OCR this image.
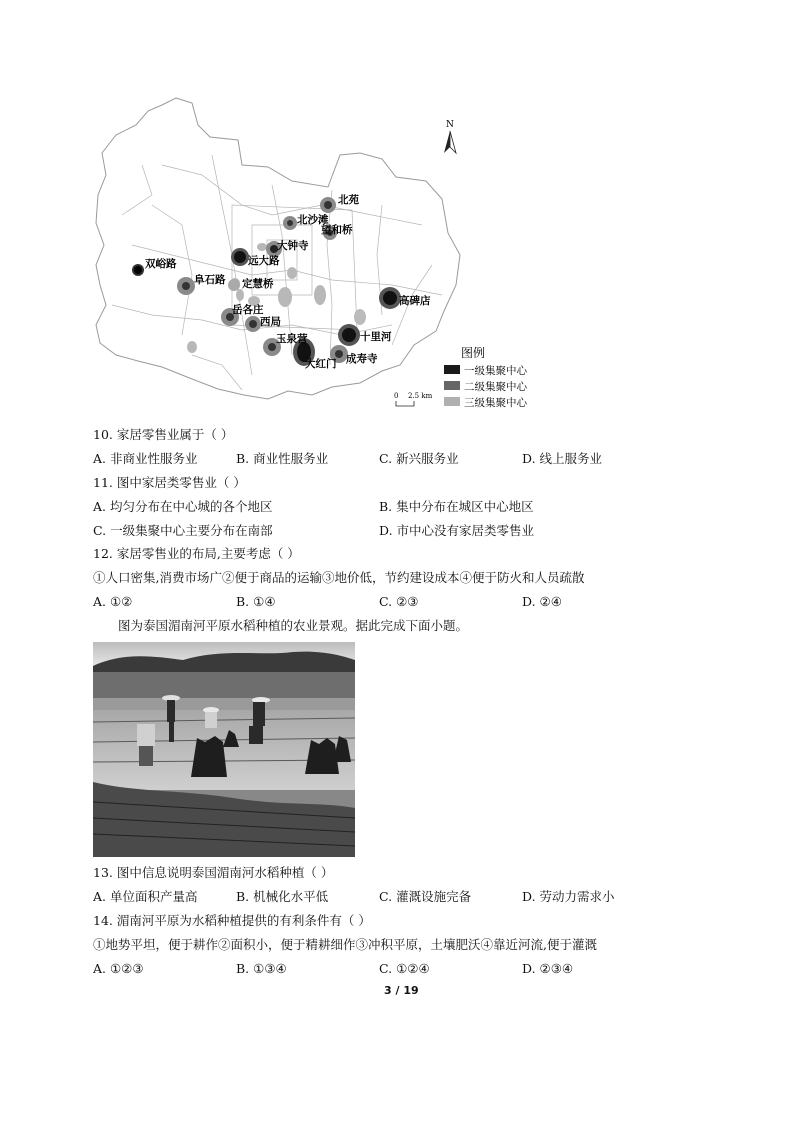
北苑
北沙滩
望和桥
大钟寺
远大路
双峪路
阜石路 定慧桥
高碑店
岳各庄
西局
十里河
玉泉营
成寿寺
大红门
N
图例
一级集聚中心
二级集聚中心
三级集聚中心
0 2.5 km
10. 家居零售业属于（ ）
A. 非商业性服务业	B. 商业性服务业	C. 新兴服务业	D. 线上服务业
11. 图中家居类零售业（ ）
A. 均匀分布在中心城的各个地区	B. 集中分布在城区中心地区
C. 一级集聚中心主要分布在南部	D. 市中心没有家居类零售业
12. 家居零售业的布局,主要考虑（ ）
①人口密集,消费市场广②便于商品的运输③地价低，节约建设成本④便于防火和人员疏散
A. ①②	B. ①④	C. ②③	D. ②④
图为泰国湄南河平原水稻种植的农业景观。据此完成下面小题。
13. 图中信息说明泰国湄南河水稻种植（ ）
A. 单位面积产量高	B. 机械化水平低	C. 灌溉设施完备	D. 劳动力需求小
14. 湄南河平原为水稻种植提供的有利条件有（ ）
①地势平坦，便于耕作②面积小，便于精耕细作③冲积平原，土壤肥沃④靠近河流,便于灌溉
A. ①②③	B. ①③④	C. ①②④	D. ②③④
3 / 19
